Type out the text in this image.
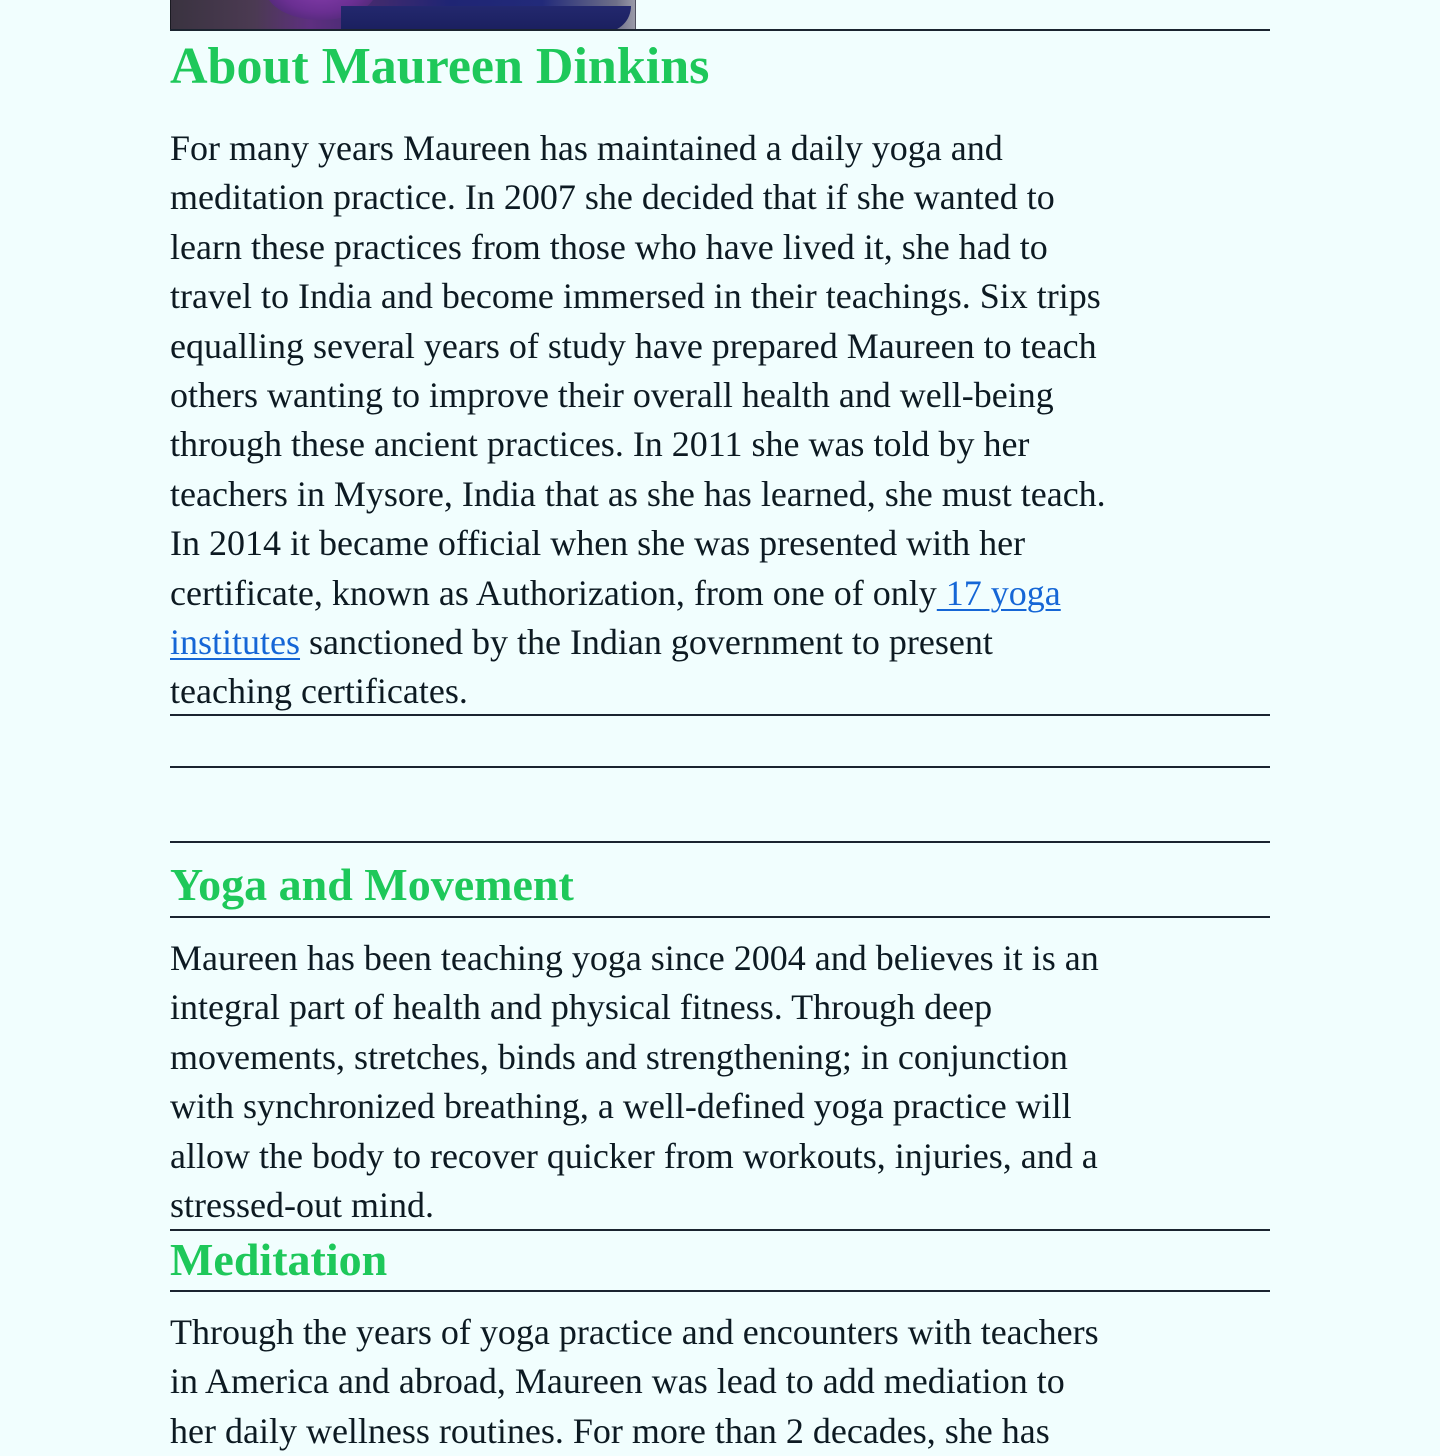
About Maureen Dinkins

For many years Maureen has maintained a daily yoga and
meditation practice. In 2007 she decided that if she wanted to
learn these practices from those who have lived it, she had to
travel to India and become immersed in their teachings. Six trips
equalling several years of study have prepared Maureen to teach
others wanting to improve their overall health and well-being
through these ancient practices. In 2011 she was told by her
teachers in Mysore, India that as she has learned, she must teach.
In 2014 it became official when she was presented with her
certificate, known as Authorization, from one of only 17 yoga
institutes sanctioned by the Indian government to present
teaching certificates.

Yoga and Movement

Maureen has been teaching yoga since 2004 and believes it is an
integral part of health and physical fitness. Through deep
movements, stretches, binds and strengthening; in conjunction
with synchronized breathing, a well-defined yoga practice will
allow the body to recover quicker from workouts, injuries, and a
stressed-out mind.

Meditation

Through the years of yoga practice and encounters with teachers
in America and abroad, Maureen was lead to add mediation to
her daily wellness routines. For more than 2 decades, she has
